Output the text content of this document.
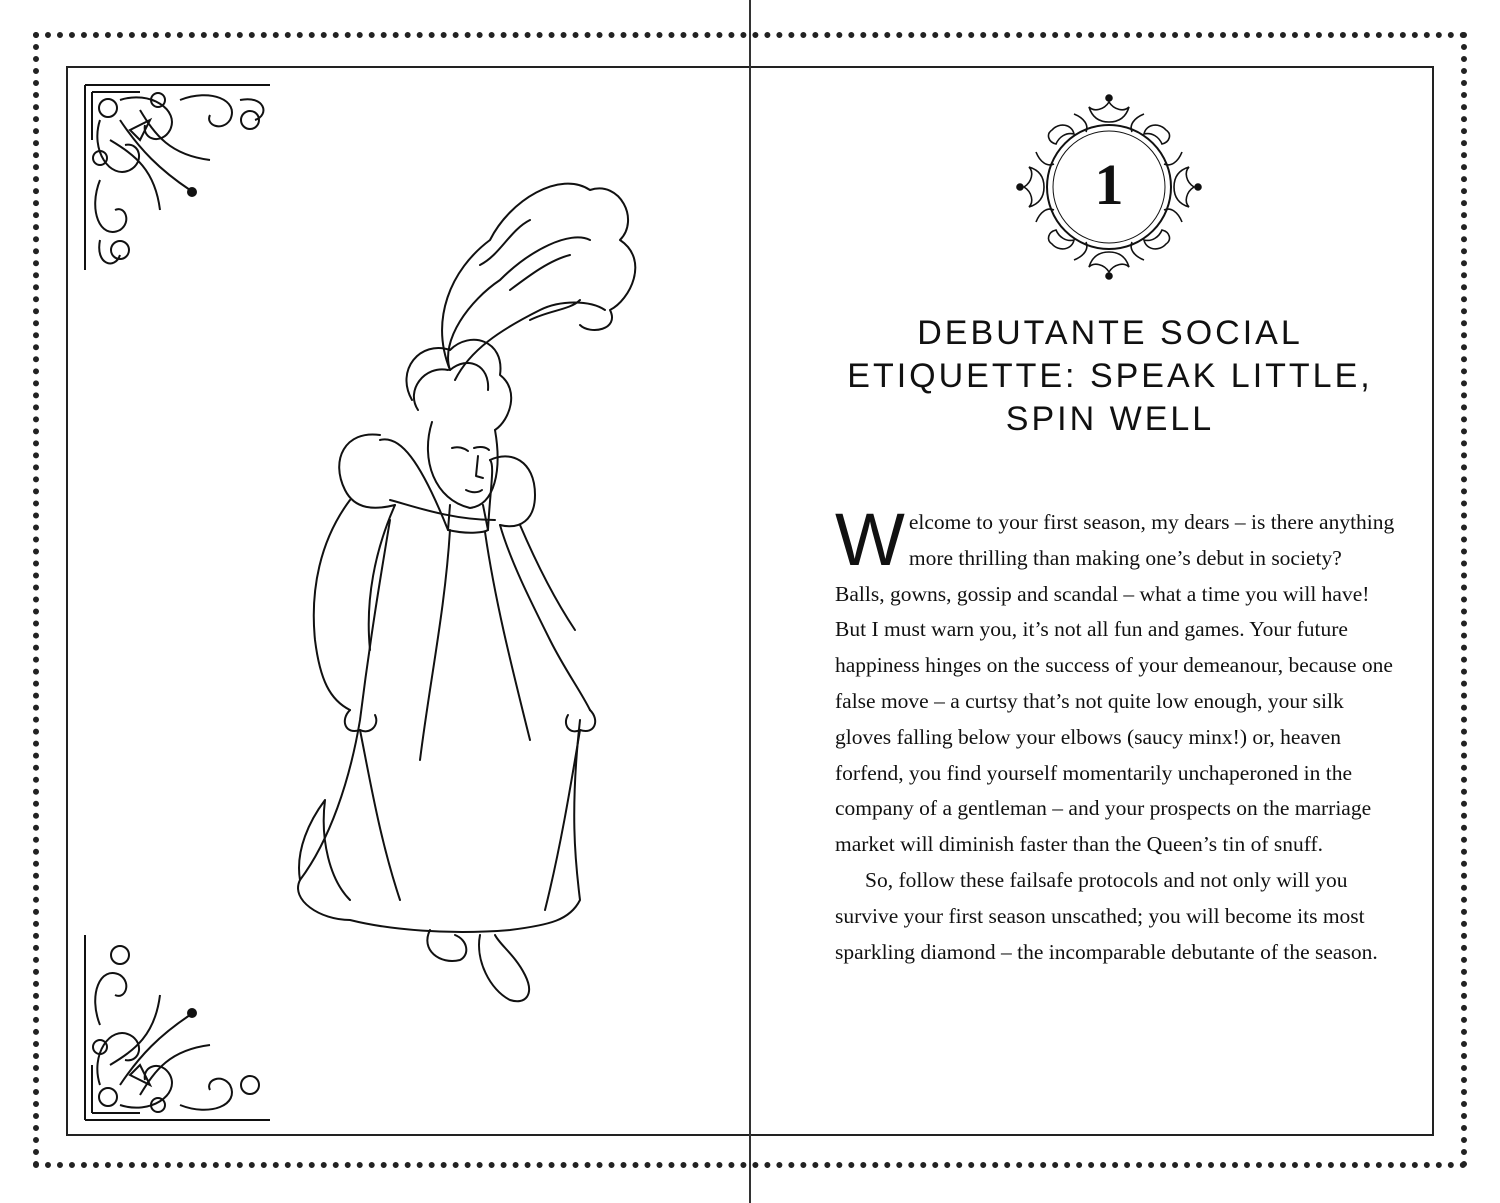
1
DEBUTANTE SOCIAL
ETIQUETTE: SPEAK LITTLE,
SPIN WELL

Welcome to your first season, my dears – is there anything more thrilling than making one’s debut in society? Balls, gowns, gossip and scandal – what a time you will have! But I must warn you, it’s not all fun and games. Your future happiness hinges on the success of your demeanour, because one false move – a curtsy that’s not quite low enough, your silk gloves falling below your elbows (saucy minx!) or, heaven forfend, you find yourself momentarily unchaperoned in the company of a gentleman – and your prospects on the marriage market will diminish faster than the Queen’s tin of snuff.

So, follow these failsafe protocols and not only will you survive your first season unscathed; you will become its most sparkling diamond – the incomparable debutante of the season.
